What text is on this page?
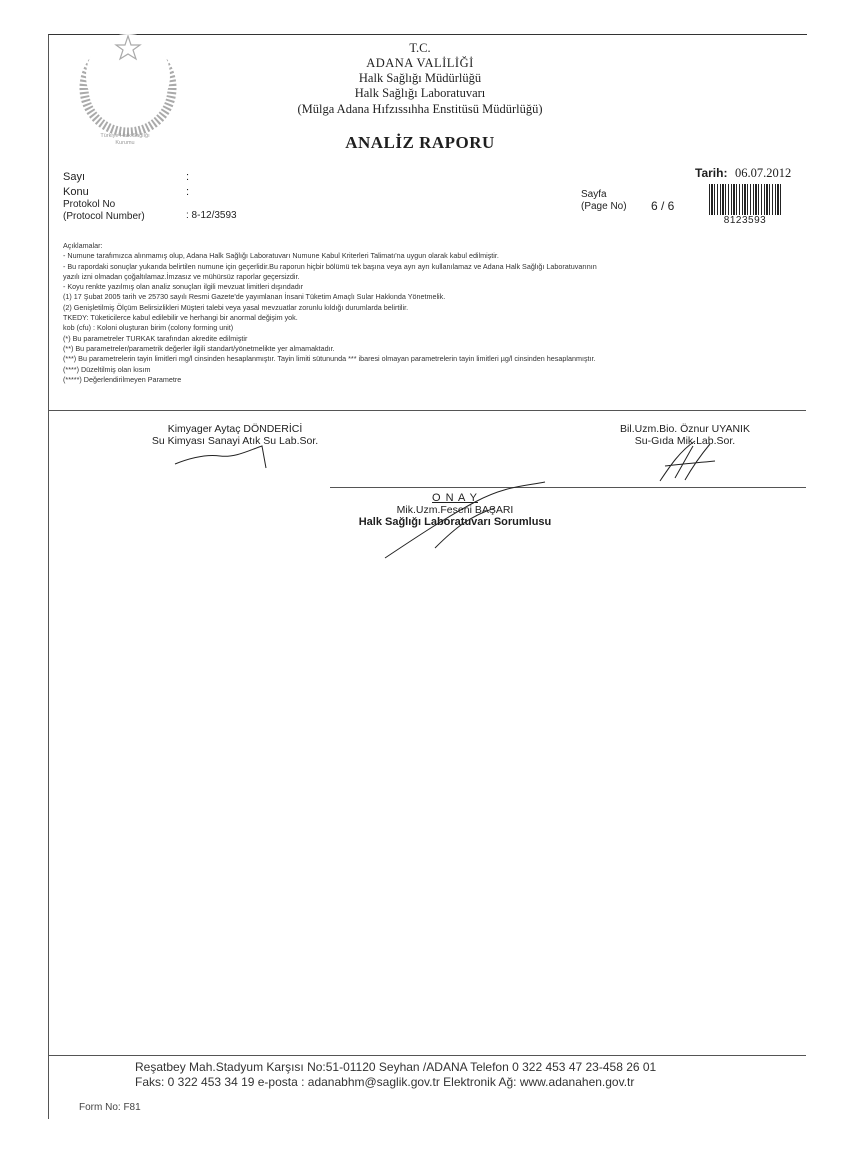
Türkiye Halk Sağlığı
Kurumu
T.C.
ADANA VALİLİĞİ
Halk Sağlığı Müdürlüğü
Halk Sağlığı Laboratuvarı
(Mülga Adana Hıfzıssıhha Enstitüsü Müdürlüğü)
ANALİZ RAPORU
Tarih: 06.07.2012
Sayı	:
Konu	:
Protokol No
(Protocol Number)	: 8-12/3593
Sayfa
(Page No) 6 / 6
8123593
Açıklamalar:
- Numune tarafımızca alınmamış olup, Adana Halk Sağlığı Laboratuvarı Numune Kabul Kriterleri Talimatı'na uygun olarak kabul edilmiştir.
- Bu rapordaki sonuçlar yukarıda belirtilen numune için geçerlidir.Bu raporun hiçbir bölümü tek başına veya ayrı ayrı kullanılamaz ve Adana Halk Sağlığı Laboratuvarının
yazılı izni olmadan çoğaltılamaz.İmzasız ve mühürsüz raporlar geçersizdir.
- Koyu renkte yazılmış olan analiz sonuçları ilgili mevzuat limitleri dışındadır
(1) 17 Şubat 2005 tarih ve 25730 sayılı Resmi Gazete'de yayımlanan İnsani Tüketim Amaçlı Sular Hakkında Yönetmelik.
(2) Genişletilmiş Ölçüm Belirsizlikleri Müşteri talebi veya yasal mevzuatlar zorunlu kıldığı durumlarda belirtilir.
TKEDY: Tüketicilerce kabul edilebilir ve herhangi bir anormal değişim yok.
kob (cfu) : Koloni oluşturan birim (colony forming unit)
(*) Bu parametreler TURKAK tarafından akredite edilmiştir
(**) Bu parametreler/parametrik değerler ilgili standart/yönetmelikte yer almamaktadır.
(***) Bu parametrelerin tayin limitleri mg/l cinsinden hesaplanmıştır. Tayin limiti sütununda *** ibaresi olmayan parametrelerin tayin limitleri µg/l cinsinden hesaplanmıştır.
(****) Düzeltilmiş olan kısım
(*****) Değerlendirilmeyen Parametre
Kimyager Aytaç DÖNDERİCİ
Su Kimyası Sanayi Atık Su Lab.Sor.
Bil.Uzm.Bio. Öznur UYANIK
Su-Gıda Mik.Lab.Sor.
O N A Y
Mik.Uzm.Feseni BAŞARI
Halk Sağlığı Laboratuvarı Sorumlusu
Reşatbey Mah.Stadyum Karşısı No:51-01120 Seyhan /ADANA Telefon 0 322 453 47 23-458 26 01
Faks: 0 322 453 34 19 e-posta : adanabhm@saglik.gov.tr Elektronik Ağ: www.adanahen.gov.tr
Form No: F81
